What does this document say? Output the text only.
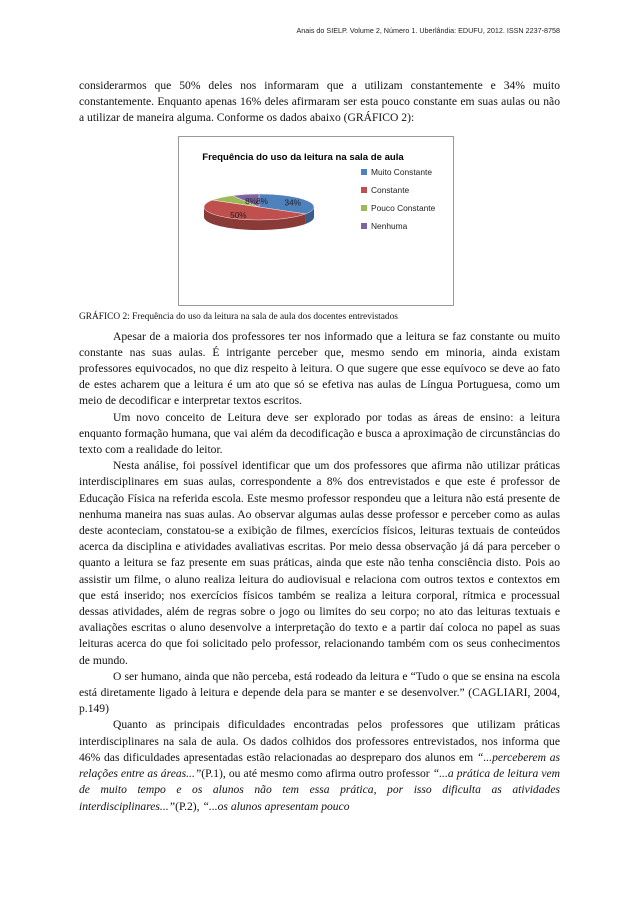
Anais do SIELP. Volume 2, Número 1. Uberlândia: EDUFU, 2012. ISSN 2237-8758

considerarmos que 50% deles nos informaram que a utilizam constantemente e 34% muito constantemente. Enquanto apenas 16% deles afirmaram ser esta pouco constante em suas aulas ou não a utilizar de maneira alguma. Conforme os dados abaixo (GRÁFICO 2):

Frequência do uso da leitura na sala de aula
34%
50%
8% 8%
Muito Constante
Constante
Pouco Constante
Nenhuma
GRÁFICO 2: Frequência do uso da leitura na sala de aula dos docentes entrevistados

Apesar de a maioria dos professores ter nos informado que a leitura se faz constante ou muito constante nas suas aulas. É intrigante perceber que, mesmo sendo em minoria, ainda existam professores equivocados, no que diz respeito à leitura. O que sugere que esse equívoco se deve ao fato de estes acharem que a leitura é um ato que só se efetiva nas aulas de Língua Portuguesa, como um meio de decodificar e interpretar textos escritos.

Um novo conceito de Leitura deve ser explorado por todas as áreas de ensino: a leitura enquanto formação humana, que vai além da decodificação e busca a aproximação de circunstâncias do texto com a realidade do leitor.

Nesta análise, foi possível identificar que um dos professores que afirma não utilizar práticas interdisciplinares em suas aulas, correspondente a 8% dos entrevistados e que este é professor de Educação Física na referida escola. Este mesmo professor respondeu que a leitura não está presente de nenhuma maneira nas suas aulas. Ao observar algumas aulas desse professor e perceber como as aulas deste aconteciam, constatou-se a exibição de filmes, exercícios físicos, leituras textuais de conteúdos acerca da disciplina e atividades avaliativas escritas. Por meio dessa observação já dá para perceber o quanto a leitura se faz presente em suas práticas, ainda que este não tenha consciência disto. Pois ao assistir um filme, o aluno realiza leitura do audiovisual e relaciona com outros textos e contextos em que está inserido; nos exercícios físicos também se realiza a leitura corporal, rítmica e processual dessas atividades, além de regras sobre o jogo ou limites do seu corpo; no ato das leituras textuais e avaliações escritas o aluno desenvolve a interpretação do texto e a partir daí coloca no papel as suas leituras acerca do que foi solicitado pelo professor, relacionando também com os seus conhecimentos de mundo.

O ser humano, ainda que não perceba, está rodeado da leitura e “Tudo o que se ensina na escola está diretamente ligado à leitura e depende dela para se manter e se desenvolver.” (CAGLIARI, 2004, p.149)

Quanto as principais dificuldades encontradas pelos professores que utilizam práticas interdisciplinares na sala de aula. Os dados colhidos dos professores entrevistados, nos informa que 46% das dificuldades apresentadas estão relacionadas ao despreparo dos alunos em “...perceberem as relações entre as áreas...”(P.1), ou até mesmo como afirma outro professor “...a prática de leitura vem de muito tempo e os alunos não tem essa prática, por isso dificulta as atividades interdisciplinares...”(P.2), “...os alunos apresentam pouco
